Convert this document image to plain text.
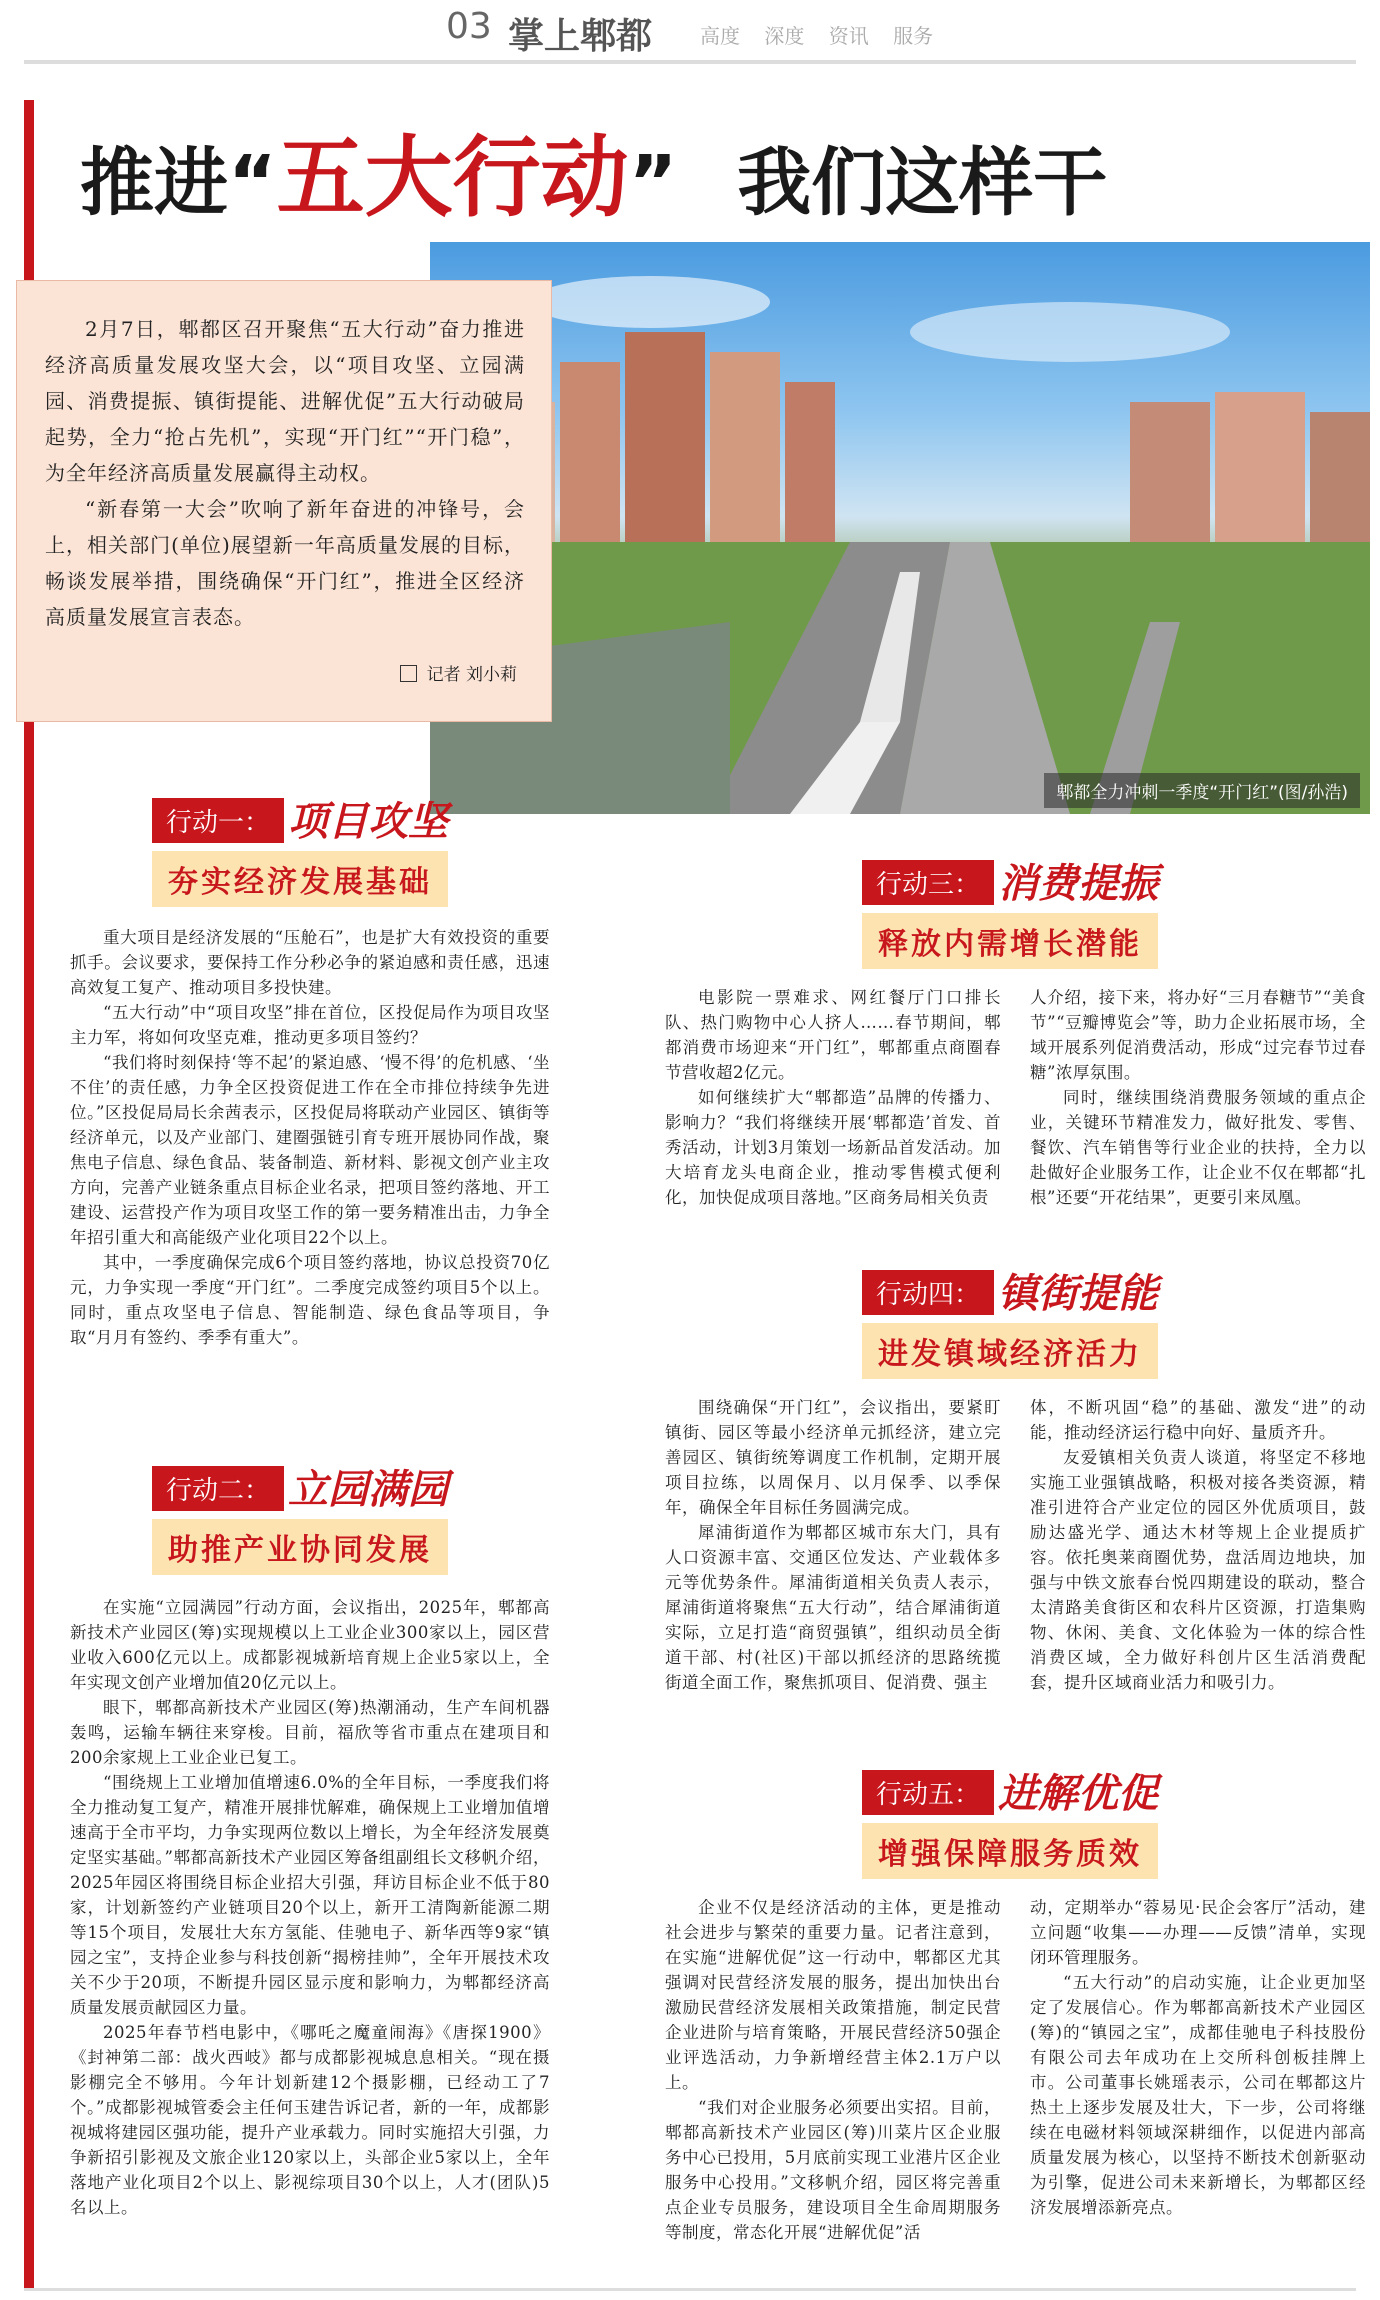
03 掌上郫都 高度 深度 资讯 服务
推进“五大行动” 我们这样干
郫都全力冲刺一季度“开门红”(图/孙浩)

2月7日，郫都区召开聚焦“五大行动”奋力推进经济高质量发展攻坚大会，以“项目攻坚、立园满园、消费提振、镇街提能、进解优促”五大行动破局起势，全力“抢占先机”，实现“开门红”“开门稳”，为全年经济高质量发展赢得主动权。

“新春第一大会”吹响了新年奋进的冲锋号，会上，相关部门(单位)展望新一年高质量发展的目标，畅谈发展举措，围绕确保“开门红”，推进全区经济高质量发展宣言表态。

记者 刘小莉
行动一： 项目攻坚
夯实经济发展基础

重大项目是经济发展的“压舱石”，也是扩大有效投资的重要抓手。会议要求，要保持工作分秒必争的紧迫感和责任感，迅速高效复工复产、推动项目多投快建。

“五大行动”中“项目攻坚”排在首位，区投促局作为项目攻坚主力军，将如何攻坚克难，推动更多项目签约？

“我们将时刻保持‘等不起’的紧迫感、‘慢不得’的危机感、‘坐不住’的责任感，力争全区投资促进工作在全市排位持续争先进位。”区投促局局长余茜表示，区投促局将联动产业园区、镇街等经济单元，以及产业部门、建圈强链引育专班开展协同作战，聚焦电子信息、绿色食品、装备制造、新材料、影视文创产业主攻方向，完善产业链条重点目标企业名录，把项目签约落地、开工建设、运营投产作为项目攻坚工作的第一要务精准出击，力争全年招引重大和高能级产业化项目22个以上。

其中，一季度确保完成6个项目签约落地，协议总投资70亿元，力争实现一季度“开门红”。二季度完成签约项目5个以上。同时，重点攻坚电子信息、智能制造、绿色食品等项目，争取“月月有签约、季季有重大”。

行动二： 立园满园
助推产业协同发展

在实施“立园满园”行动方面，会议指出，2025年，郫都高新技术产业园区(筹)实现规模以上工业企业300家以上，园区营业收入600亿元以上。成都影视城新培育规上企业5家以上，全年实现文创产业增加值20亿元以上。

眼下，郫都高新技术产业园区(筹)热潮涌动，生产车间机器轰鸣，运输车辆往来穿梭。目前，福欣等省市重点在建项目和200余家规上工业企业已复工。

“围绕规上工业增加值增速6.0%的全年目标，一季度我们将全力推动复工复产，精准开展排忧解难，确保规上工业增加值增速高于全市平均，力争实现两位数以上增长，为全年经济发展奠定坚实基础。”郫都高新技术产业园区筹备组副组长文移帆介绍，2025年园区将围绕目标企业招大引强，拜访目标企业不低于80家，计划新签约产业链项目20个以上，新开工清陶新能源二期等15个项目，发展壮大东方氢能、佳驰电子、新华西等9家“镇园之宝”，支持企业参与科技创新“揭榜挂帅”，全年开展技术攻关不少于20项，不断提升园区显示度和影响力，为郫都经济高质量发展贡献园区力量。

2025年春节档电影中，《哪吒之魔童闹海》《唐探1900》《封神第二部：战火西岐》都与成都影视城息息相关。“现在摄影棚完全不够用。今年计划新建12个摄影棚，已经动工了7个。”成都影视城管委会主任何玉建告诉记者，新的一年，成都影视城将建园区强功能，提升产业承载力。同时实施招大引强，力争新招引影视及文旅企业120家以上，头部企业5家以上，全年落地产业化项目2个以上、影视综项目30个以上，人才(团队)5名以上。

行动三： 消费提振
释放内需增长潜能

电影院一票难求、网红餐厅门口排长队、热门购物中心人挤人……春节期间，郫都消费市场迎来“开门红”，郫都重点商圈春节营收超2亿元。

如何继续扩大“郫都造”品牌的传播力、影响力？“我们将继续开展‘郫都造’首发、首秀活动，计划3月策划一场新品首发活动。加大培育龙头电商企业，推动零售模式便利化，加快促成项目落地。”区商务局相关负责

人介绍，接下来，将办好“三月春糖节”“美食节”“豆瓣博览会”等，助力企业拓展市场，全域开展系列促消费活动，形成“过完春节过春糖”浓厚氛围。

同时，继续围绕消费服务领域的重点企业，关键环节精准发力，做好批发、零售、餐饮、汽车销售等行业企业的扶持，全力以赴做好企业服务工作，让企业不仅在郫都“扎根”还要“开花结果”，更要引来凤凰。

行动四： 镇街提能
进发镇域经济活力

围绕确保“开门红”，会议指出，要紧盯镇街、园区等最小经济单元抓经济，建立完善园区、镇街统筹调度工作机制，定期开展项目拉练，以周保月、以月保季、以季保年，确保全年目标任务圆满完成。

犀浦街道作为郫都区城市东大门，具有人口资源丰富、交通区位发达、产业载体多元等优势条件。犀浦街道相关负责人表示，犀浦街道将聚焦“五大行动”，结合犀浦街道实际，立足打造“商贸强镇”，组织动员全街道干部、村(社区)干部以抓经济的思路统揽街道全面工作，聚焦抓项目、促消费、强主

体，不断巩固“稳”的基础、激发“进”的动能，推动经济运行稳中向好、量质齐升。

友爱镇相关负责人谈道，将坚定不移地实施工业强镇战略，积极对接各类资源，精准引进符合产业定位的园区外优质项目，鼓励达盛光学、通达木材等规上企业提质扩容。依托奥莱商圈优势，盘活周边地块，加强与中铁文旅春台悦四期建设的联动，整合太清路美食街区和农科片区资源，打造集购物、休闲、美食、文化体验为一体的综合性消费区域，全力做好科创片区生活消费配套，提升区域商业活力和吸引力。

行动五： 进解优促
增强保障服务质效

企业不仅是经济活动的主体，更是推动社会进步与繁荣的重要力量。记者注意到，在实施“进解优促”这一行动中，郫都区尤其强调对民营经济发展的服务，提出加快出台激励民营经济发展相关政策措施，制定民营企业进阶与培育策略，开展民营经济50强企业评选活动，力争新增经营主体2.1万户以上。

“我们对企业服务必须要出实招。目前，郫都高新技术产业园区(筹)川菜片区企业服务中心已投用，5月底前实现工业港片区企业服务中心投用。”文移帆介绍，园区将完善重点企业专员服务，建设项目全生命周期服务等制度，常态化开展“进解优促”活

动，定期举办“蓉易见·民企会客厅”活动，建立问题“收集——办理——反馈”清单，实现闭环管理服务。

“五大行动”的启动实施，让企业更加坚定了发展信心。作为郫都高新技术产业园区(筹)的“镇园之宝”，成都佳驰电子科技股份有限公司去年成功在上交所科创板挂牌上市。公司董事长姚瑶表示，公司在郫都这片热土上逐步发展及壮大，下一步，公司将继续在电磁材料领域深耕细作，以促进内部高质量发展为核心，以坚持不断技术创新驱动为引擎，促进公司未来新增长，为郫都区经济发展增添新亮点。
